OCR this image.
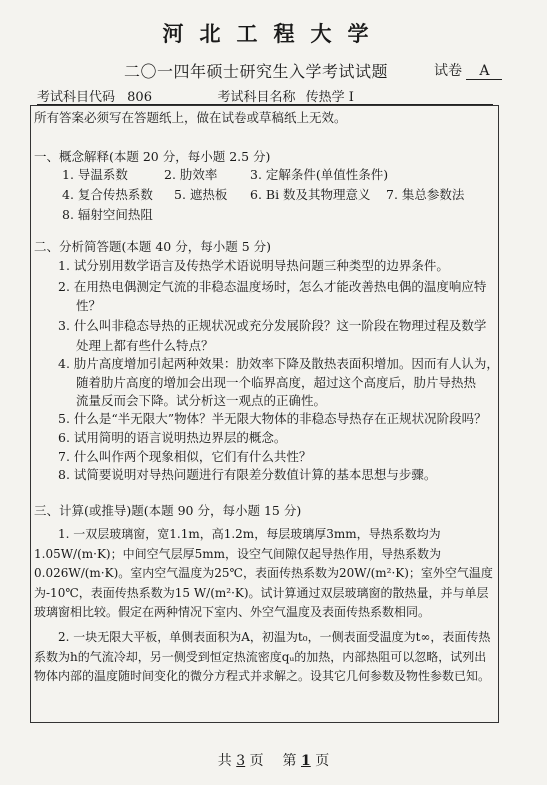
河北工程大学
二〇一四年硕士研究生入学考试试题	试卷 A
考试科目代码 806	考试科目名称 传热学 I
所有答案必须写在答题纸上，做在试卷或草稿纸上无效。
一、概念解释(本题 20 分，每小题 2.5 分)
1. 导温系数	2. 肋效率	3. 定解条件(单值性条件)
4. 复合传热系数 5. 遮热板 6. Bi 数及其物理意义 7. 集总参数法
8. 辐射空间热阻
二、分析简答题(本题 40 分，每小题 5 分)
1. 试分别用数学语言及传热学术语说明导热问题三种类型的边界条件。
2. 在用热电偶测定气流的非稳态温度场时，怎么才能改善热电偶的温度响应特
性？
3. 什么叫非稳态导热的正规状况或充分发展阶段？这一阶段在物理过程及数学
处理上都有些什么特点？
4. 肋片高度增加引起两种效果：肋效率下降及散热表面积增加。因而有人认为，
随着肋片高度的增加会出现一个临界高度，超过这个高度后，肋片导热热
流量反而会下降。试分析这一观点的正确性。
5. 什么是“半无限大”物体？半无限大物体的非稳态导热存在正规状况阶段吗？
6. 试用简明的语言说明热边界层的概念。
7. 什么叫作两个现象相似，它们有什么共性？
8. 试简要说明对导热问题进行有限差分数值计算的基本思想与步骤。
三、计算(或推导)题(本题 90 分，每小题 15 分)
1. 一双层玻璃窗，宽1.1m，高1.2m，每层玻璃厚3mm，导热系数均为1.05W/(m·K)；中间空气层厚5mm，设空气间隙仅起导热作用，导热系数为0.026W/(m·K)。室内空气温度为25℃，表面传热系数为20W/(m²·K)；室外空气温度为-10℃，表面传热系数为15 W/(m²·K)。试计算通过双层玻璃窗的散热量，并与单层玻璃窗相比较。假定在两种情况下室内、外空气温度及表面传热系数相同。
2. 一块无限大平板，单侧表面积为A，初温为t₀，一侧表面受温度为t∞，表面传热系数为h的气流冷却，另一侧受到恒定热流密度qᵤ的加热，内部热阻可以忽略，试列出物体内部的温度随时间变化的微分方程式并求解之。设其它几何参数及物性参数已知。
共 3 页 第 1 页
